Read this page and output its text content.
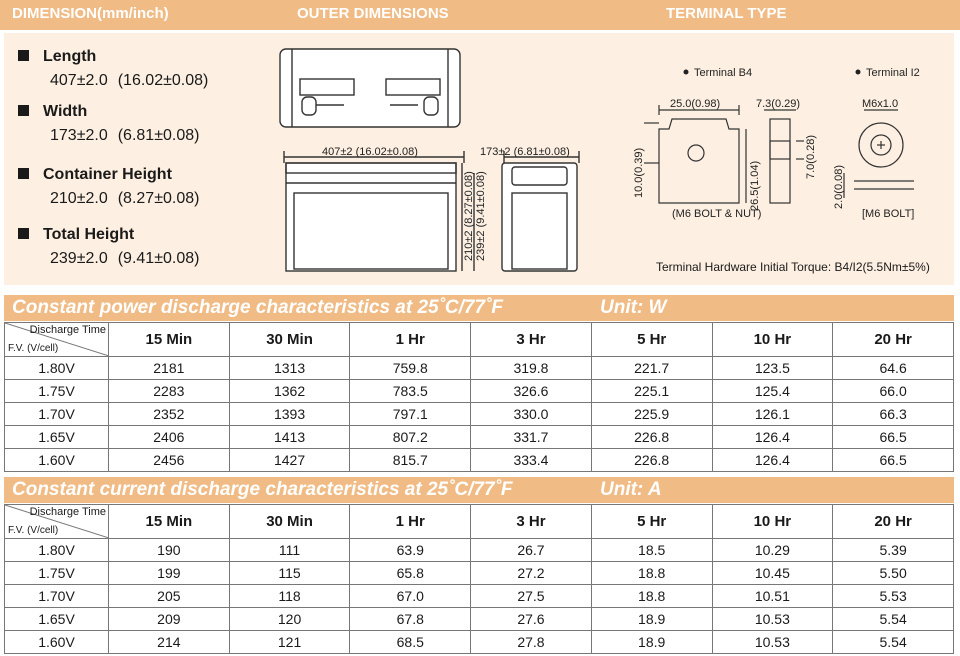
DIMENSION(mm/inch)	OUTER DIMENSIONS	TERMINAL TYPE
Length
407±2.0 (16.02±0.08)
Width
173±2.0 (6.81±0.08)
Container Height
210±2.0 (8.27±0.08)
Total Height
239±2.0 (9.41±0.08)
407±2 (16.02±0.08)	173±2 (6.81±0.08)
210±2 (8.27±0.08) 239±2 (9.41±0.08)
Terminal B4	Terminal I2
25.0(0.98)
10.0(0.39)	26.5(1.04)
(M6 BOLT & NUT)
7.3(0.29)
7.0(0.28)
M6x1.0
2.0(0.08)
[M6 BOLT]
Terminal Hardware Initial Torque: B4/I2(5.5Nm±5%)
Constant power discharge characteristics at 25˚C/77˚F	Unit: W
Discharge Time
F.V. (V/cell)	15 Min	30 Min	1 Hr	3 Hr	5 Hr	10 Hr	20 Hr
1.80V	2181	1313	759.8	319.8	221.7	123.5	64.6
1.75V	2283	1362	783.5	326.6	225.1	125.4	66.0
1.70V	2352	1393	797.1	330.0	225.9	126.1	66.3
1.65V	2406	1413	807.2	331.7	226.8	126.4	66.5
1.60V	2456	1427	815.7	333.4	226.8	126.4	66.5
Constant current discharge characteristics at 25˚C/77˚F	Unit: A
Discharge Time
F.V. (V/cell)	15 Min	30 Min	1 Hr	3 Hr	5 Hr	10 Hr	20 Hr
1.80V	190	111	63.9	26.7	18.5	10.29	5.39
1.75V	199	115	65.8	27.2	18.8	10.45	5.50
1.70V	205	118	67.0	27.5	18.8	10.51	5.53
1.65V	209	120	67.8	27.6	18.9	10.53	5.54
1.60V	214	121	68.5	27.8	18.9	10.53	5.54
